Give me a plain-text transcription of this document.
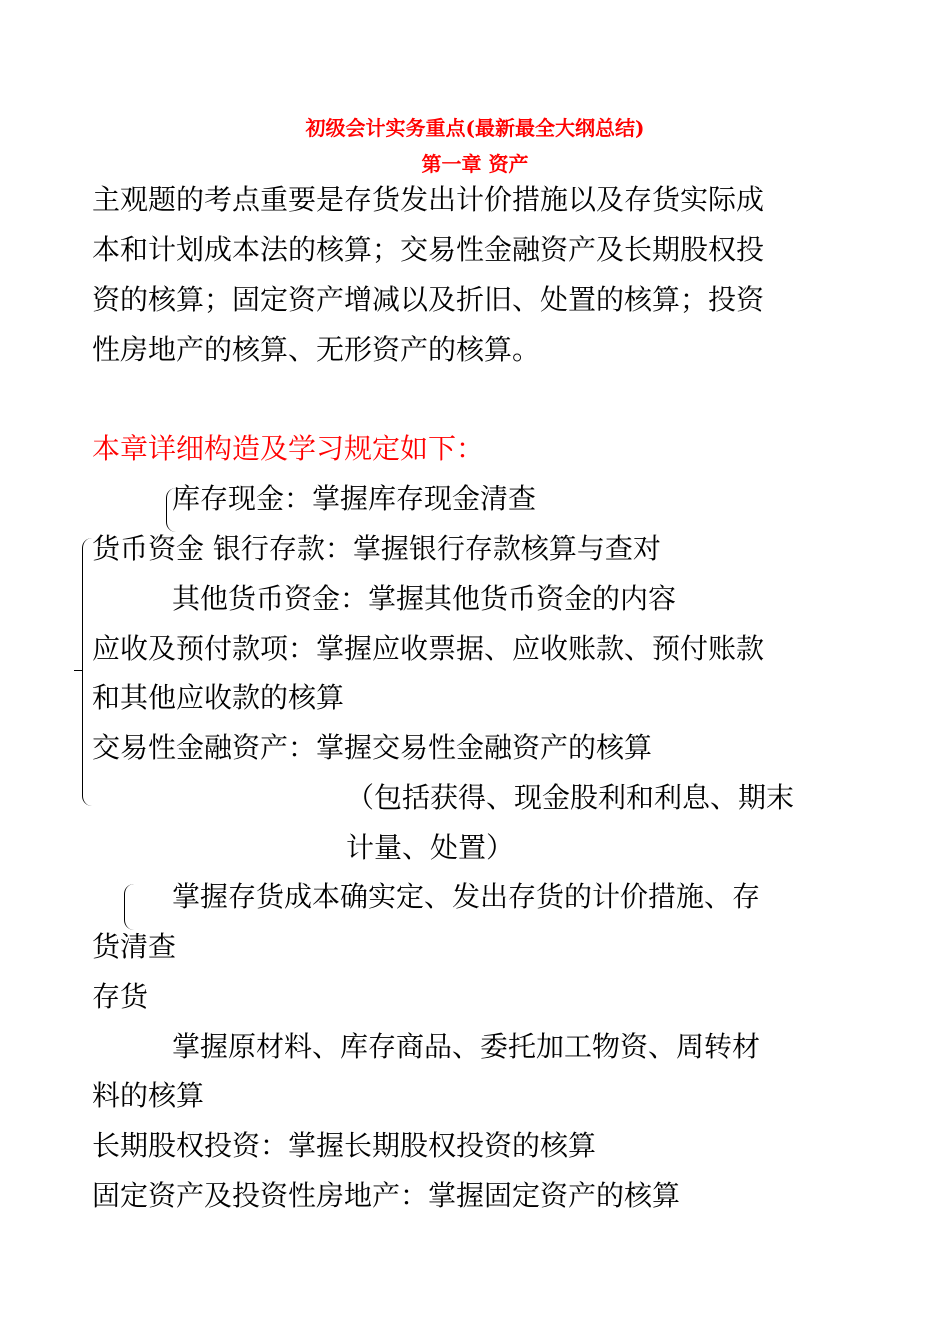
初级会计实务重点(最新最全大纲总结)
第一章 资产
主观题的考点重要是存货发出计价措施以及存货实际成
本和计划成本法的核算；交易性金融资产及长期股权投
资的核算；固定资产增减以及折旧、处置的核算；投资
性房地产的核算、无形资产的核算。
本章详细构造及学习规定如下：
库存现金：掌握库存现金清查
货币资金 银行存款：掌握银行存款核算与查对
其他货币资金：掌握其他货币资金的内容
应收及预付款项：掌握应收票据、应收账款、预付账款
和其他应收款的核算
交易性金融资产：掌握交易性金融资产的核算
（包括获得、现金股利和利息、期末
计量、处置）
掌握存货成本确实定、发出存货的计价措施、存
货清查
存货
掌握原材料、库存商品、委托加工物资、周转材
料的核算
长期股权投资：掌握长期股权投资的核算
固定资产及投资性房地产：掌握固定资产的核算
